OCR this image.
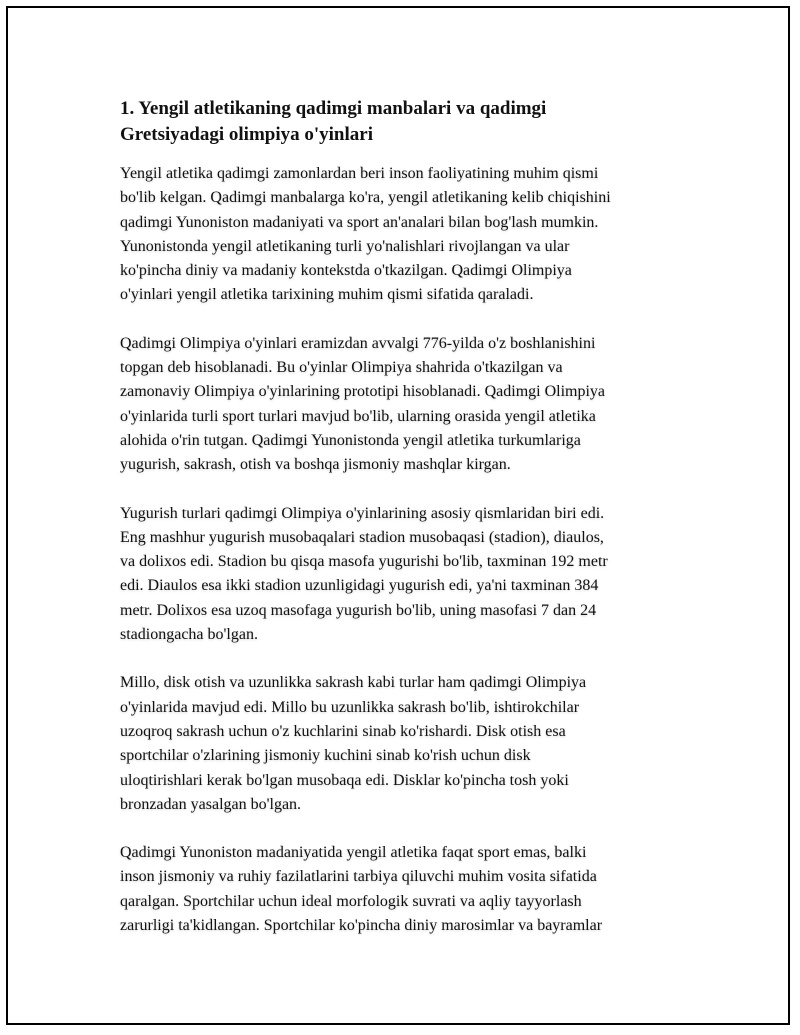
1. Yengil atletikaning qadimgi manbalari va qadimgi
Gretsiyadagi olimpiya o'yinlari

Yengil atletika qadimgi zamonlardan beri inson faoliyatining muhim qismi
bo'lib kelgan. Qadimgi manbalarga ko'ra, yengil atletikaning kelib chiqishini
qadimgi Yunoniston madaniyati va sport an'analari bilan bog'lash mumkin.
Yunonistonda yengil atletikaning turli yo'nalishlari rivojlangan va ular
ko'pincha diniy va madaniy kontekstda o'tkazilgan. Qadimgi Olimpiya
o'yinlari yengil atletika tarixining muhim qismi sifatida qaraladi.

Qadimgi Olimpiya o'yinlari eramizdan avvalgi 776-yilda o'z boshlanishini
topgan deb hisoblanadi. Bu o'yinlar Olimpiya shahrida o'tkazilgan va
zamonaviy Olimpiya o'yinlarining prototipi hisoblanadi. Qadimgi Olimpiya
o'yinlarida turli sport turlari mavjud bo'lib, ularning orasida yengil atletika
alohida o'rin tutgan. Qadimgi Yunonistonda yengil atletika turkumlariga
yugurish, sakrash, otish va boshqa jismoniy mashqlar kirgan.

Yugurish turlari qadimgi Olimpiya o'yinlarining asosiy qismlaridan biri edi.
Eng mashhur yugurish musobaqalari stadion musobaqasi (stadion), diaulos,
va dolixos edi. Stadion bu qisqa masofa yugurishi bo'lib, taxminan 192 metr
edi. Diaulos esa ikki stadion uzunligidagi yugurish edi, ya'ni taxminan 384
metr. Dolixos esa uzoq masofaga yugurish bo'lib, uning masofasi 7 dan 24
stadiongacha bo'lgan.

Millo, disk otish va uzunlikka sakrash kabi turlar ham qadimgi Olimpiya
o'yinlarida mavjud edi. Millo bu uzunlikka sakrash bo'lib, ishtirokchilar
uzoqroq sakrash uchun o'z kuchlarini sinab ko'rishardi. Disk otish esa
sportchilar o'zlarining jismoniy kuchini sinab ko'rish uchun disk
uloqtirishlari kerak bo'lgan musobaqa edi. Disklar ko'pincha tosh yoki
bronzadan yasalgan bo'lgan.

Qadimgi Yunoniston madaniyatida yengil atletika faqat sport emas, balki
inson jismoniy va ruhiy fazilatlarini tarbiya qiluvchi muhim vosita sifatida
qaralgan. Sportchilar uchun ideal morfologik suvrati va aqliy tayyorlash
zarurligi ta'kidlangan. Sportchilar ko'pincha diniy marosimlar va bayramlar
